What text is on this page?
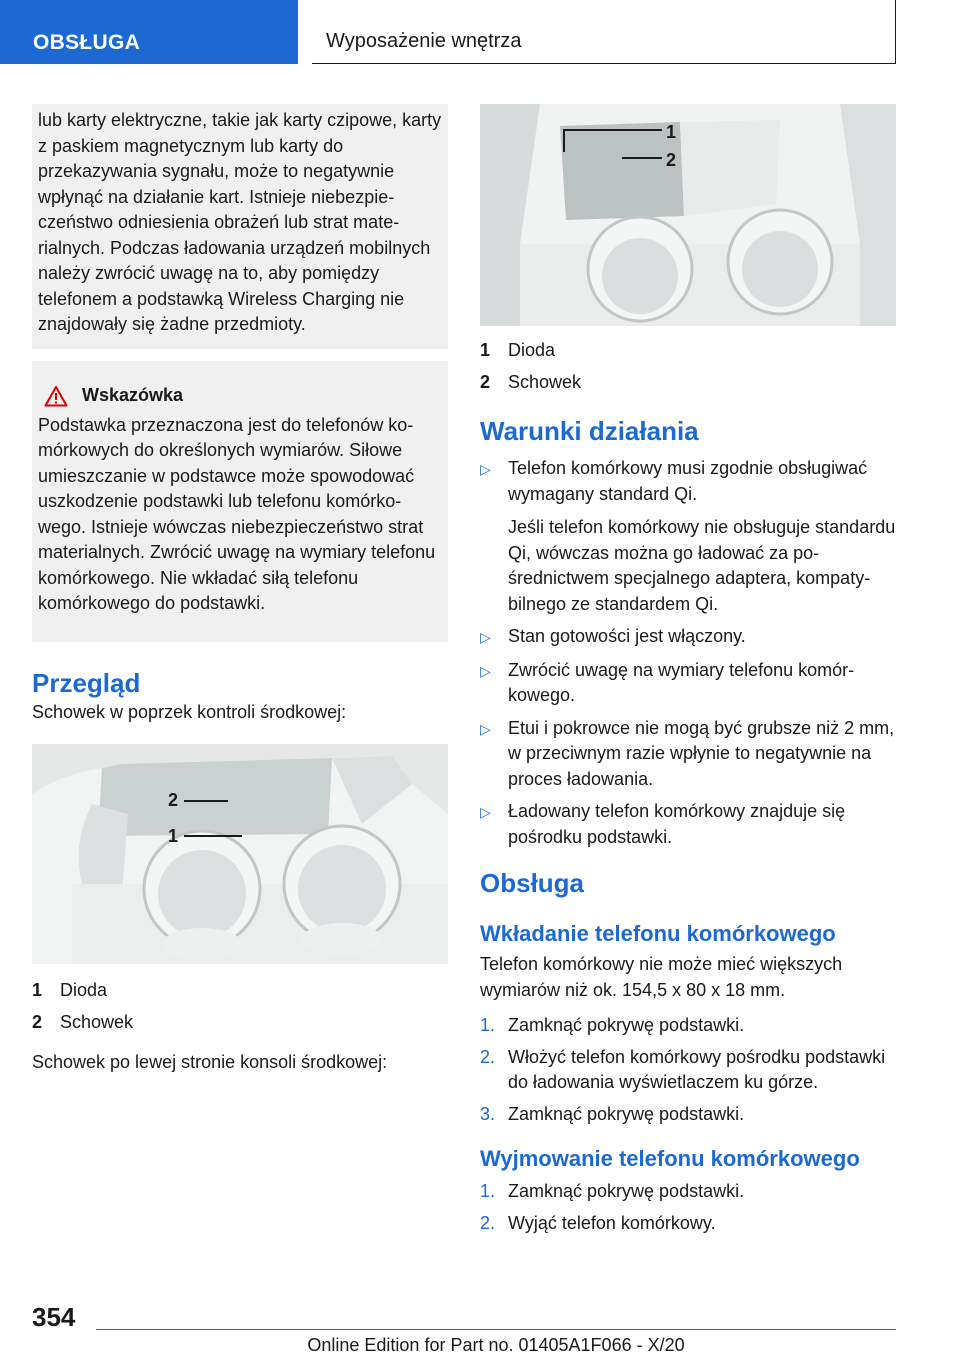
OBSŁUGA	Wyposażenie wnętrza

lub karty elektryczne, takie jak karty czipowe, karty z paskiem magnetycznym lub karty do przekazywania sygnału, może to negatywnie wpłynąć na działanie kart. Istnieje niebezpieczeństwo odniesienia obrażeń lub strat materialnych. Podczas ładowania urządzeń mobilnych należy zwrócić uwagę na to, aby pomiędzy telefonem a podstawką Wireless Charging nie znajdowały się żadne przedmioty.

Wskazówka

Podstawka przeznaczona jest do telefonów komórkowych do określonych wymiarów. Siłowe umieszczanie w podstawce może spowodować uszkodzenie podstawki lub telefonu komórkowego. Istnieje wówczas niebezpieczeństwo strat materialnych. Zwrócić uwagę na wymiary telefonu komórkowego. Nie wkładać siłą telefonu komórkowego do podstawki.

Przegląd

Schowek w poprzek kontroli środkowej:

2
1
1 Dioda
2 Schowek

Schowek po lewej stronie konsoli środkowej:

1
2
1 Dioda
2 Schowek
Warunki działania
▷ Telefon komórkowy musi zgodnie obsługiwać wymagany standard Qi.
Jeśli telefon komórkowy nie obsługuje standardu Qi, wówczas można go ładować za pośrednictwem specjalnego adaptera, kompatybilnego ze standardem Qi.
▷ Stan gotowości jest włączony.
▷ Zwrócić uwagę na wymiary telefonu komórkowego.
▷ Etui i pokrowce nie mogą być grubsze niż 2 mm, w przeciwnym razie wpłynie to negatywnie na proces ładowania.
▷ Ładowany telefon komórkowy znajduje się pośrodku podstawki.
Obsługa
Wkładanie telefonu komórkowego

Telefon komórkowy nie może mieć większych wymiarów niż ok. 154,5 x 80 x 18 mm.

1. Zamknąć pokrywę podstawki.
2. Włożyć telefon komórkowy pośrodku podstawki do ładowania wyświetlaczem ku górze.
3. Zamknąć pokrywę podstawki.
Wyjmowanie telefonu komórkowego
1. Zamknąć pokrywę podstawki.
2. Wyjąć telefon komórkowy.
354
Online Edition for Part no. 01405A1F066 - X/20
